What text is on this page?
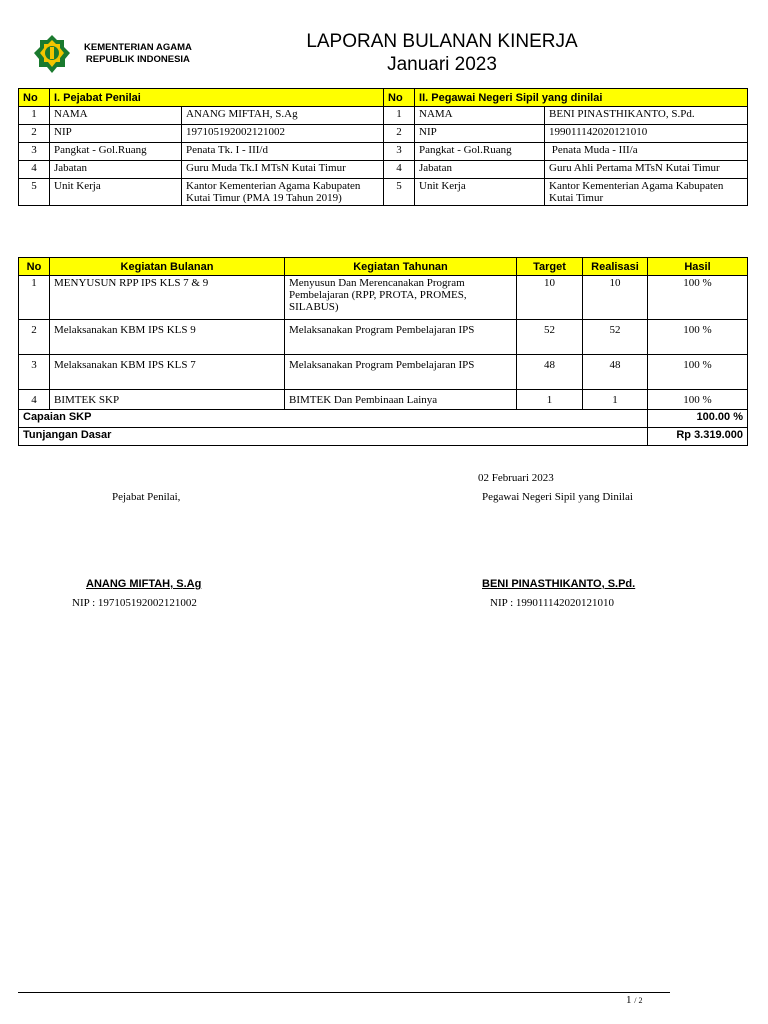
KEMENTERIAN AGAMA
REPUBLIK INDONESIA
LAPORAN BULANAN KINERJA
Januari 2023
No	I. Pejabat Penilai		No	II. Pegawai Negeri Sipil yang dinilai	
1	NAMA	ANANG MIFTAH, S.Ag	1	NAMA	BENI PINASTHIKANTO, S.Pd.
2	NIP	197105192002121002	2	NIP	199011142020121010
3	Pangkat - Gol.Ruang	Penata Tk. I - III/d	3	Pangkat - Gol.Ruang	Penata Muda - III/a
4	Jabatan	Guru Muda Tk.I MTsN Kutai Timur	4	Jabatan	Guru Ahli Pertama MTsN Kutai Timur
5	Unit Kerja	Kantor Kementerian Agama Kabupaten Kutai Timur (PMA 19 Tahun 2019)	5	Unit Kerja	Kantor Kementerian Agama Kabupaten Kutai Timur
No	Kegiatan Bulanan	Kegiatan Tahunan	Target	Realisasi	Hasil
1	MENYUSUN RPP IPS KLS 7 & 9	Menyusun Dan Merencanakan Program Pembelajaran (RPP, PROTA, PROMES, SILABUS)	10	10	100 %
2	Melaksanakan KBM IPS KLS 9	Melaksanakan Program Pembelajaran IPS	52	52	100 %
3	Melaksanakan KBM IPS KLS 7	Melaksanakan Program Pembelajaran IPS	48	48	100 %
4	BIMTEK SKP	BIMTEK Dan Pembinaan Lainya	1	1	100 %
Capaian SKP					100.00 %
Tunjangan Dasar					Rp 3.319.000
02 Februari 2023
Pejabat Penilai,	Pegawai Negeri Sipil yang Dinilai
ANANG MIFTAH, S.Ag	BENI PINASTHIKANTO, S.Pd.
NIP : 197105192002121002	NIP : 199011142020121010
1 / 2
